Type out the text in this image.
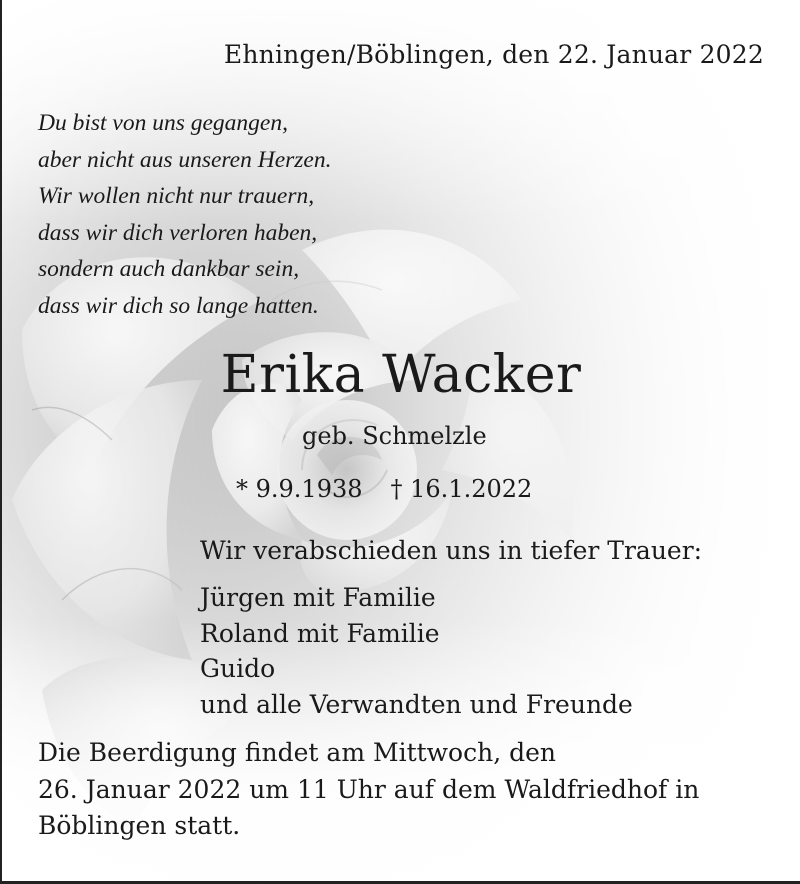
Ehningen/Böblingen, den 22. Januar 2022
Du bist von uns gegangen,
aber nicht aus unseren Herzen.
Wir wollen nicht nur trauern,
dass wir dich verloren haben,
sondern auch dankbar sein,
dass wir dich so lange hatten.
Erika Wacker
geb. Schmelzle
* 9.9.1938 † 16.1.2022
Wir verabschieden uns in tiefer Trauer:
Jürgen mit Familie
Roland mit Familie
Guido
und alle Verwandten und Freunde
Die Beerdigung findet am Mittwoch, den
26. Januar 2022 um 11 Uhr auf dem Waldfriedhof in
Böblingen statt.
